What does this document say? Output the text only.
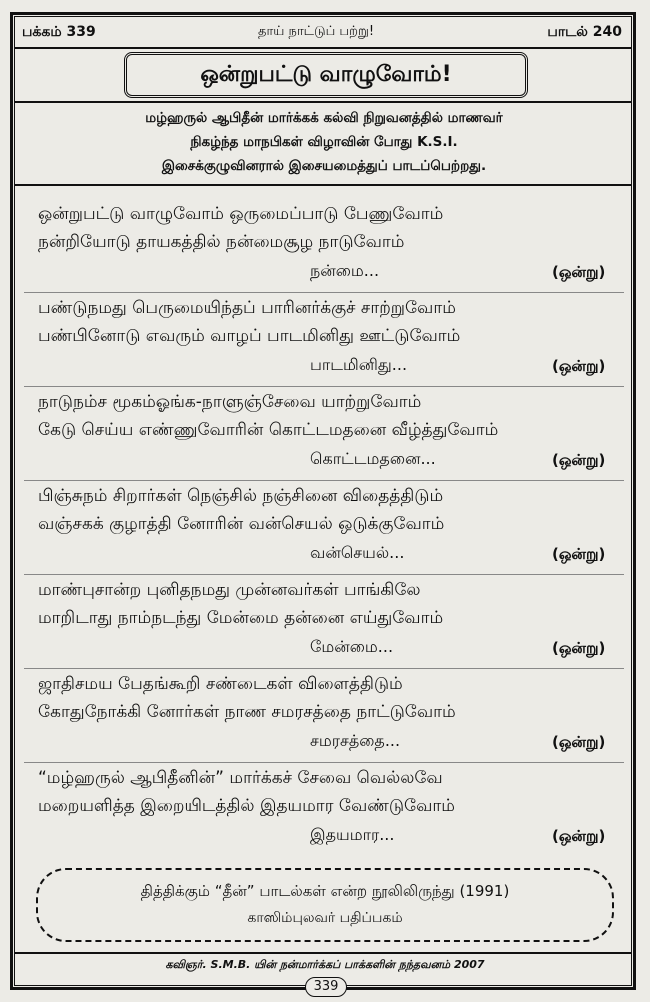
பக்கம் 339	தாய் நாட்டுப் பற்று!	பாடல் 240
ஒன்றுபட்டு வாழுவோம்!
மழ்ஹருல் ஆபிதீன் மார்க்கக் கல்வி நிறுவனத்தில் மாணவர்
நிகழ்ந்த மாநபிகள் விழாவின் போது K.S.I.
இசைக்குழுவினரால் இசையமைத்துப் பாடப்பெற்றது.
ஒன்றுபட்டு வாழுவோம் ஒருமைப்பாடு பேணுவோம்
நன்றியோடு தாயகத்தில் நன்மைசூழ நாடுவோம்
நன்மை...	(ஒன்று)
பண்டுநமது பெருமையிந்தப் பாரினர்க்குச் சாற்றுவோம்
பண்பினோடு எவரும் வாழப் பாடமினிது ஊட்டுவோம்
பாடமினிது...	(ஒன்று)
நாடுநம்ச மூகம்ஓங்க-நாளுஞ்சேவை யாற்றுவோம்
கேடு செய்ய எண்ணுவோரின் கொட்டமதனை வீழ்த்துவோம்
கொட்டமதனை...	(ஒன்று)
பிஞ்சுநம் சிறார்கள் நெஞ்சில் நஞ்சினை விதைத்திடும்
வஞ்சகக் குழாத்தி னோரின் வன்செயல் ஒடுக்குவோம்
வன்செயல்...	(ஒன்று)
மாண்புசான்ற புனிதநமது முன்னவர்கள் பாங்கிலே
மாறிடாது நாம்நடந்து மேன்மை தன்னை எய்துவோம்
மேன்மை...	(ஒன்று)
ஜாதிசமய பேதங்கூறி சண்டைகள் விளைத்திடும்
கோதுநோக்கி னோர்கள் நாண சமரசத்தை நாட்டுவோம்
சமரசத்தை...	(ஒன்று)
“மழ்ஹருல் ஆபிதீனின்” மார்க்கச் சேவை வெல்லவே
மறையளித்த இறையிடத்தில் இதயமார வேண்டுவோம்
இதயமார...	(ஒன்று)
தித்திக்கும் “தீன்” பாடல்கள் என்ற நூலிலிருந்து (1991)
காஸிம்புலவர் பதிப்பகம்
கவிஞர். S.M.B. யின் நன்மார்க்கப் பாக்களின் நந்தவனம் 2007
339
